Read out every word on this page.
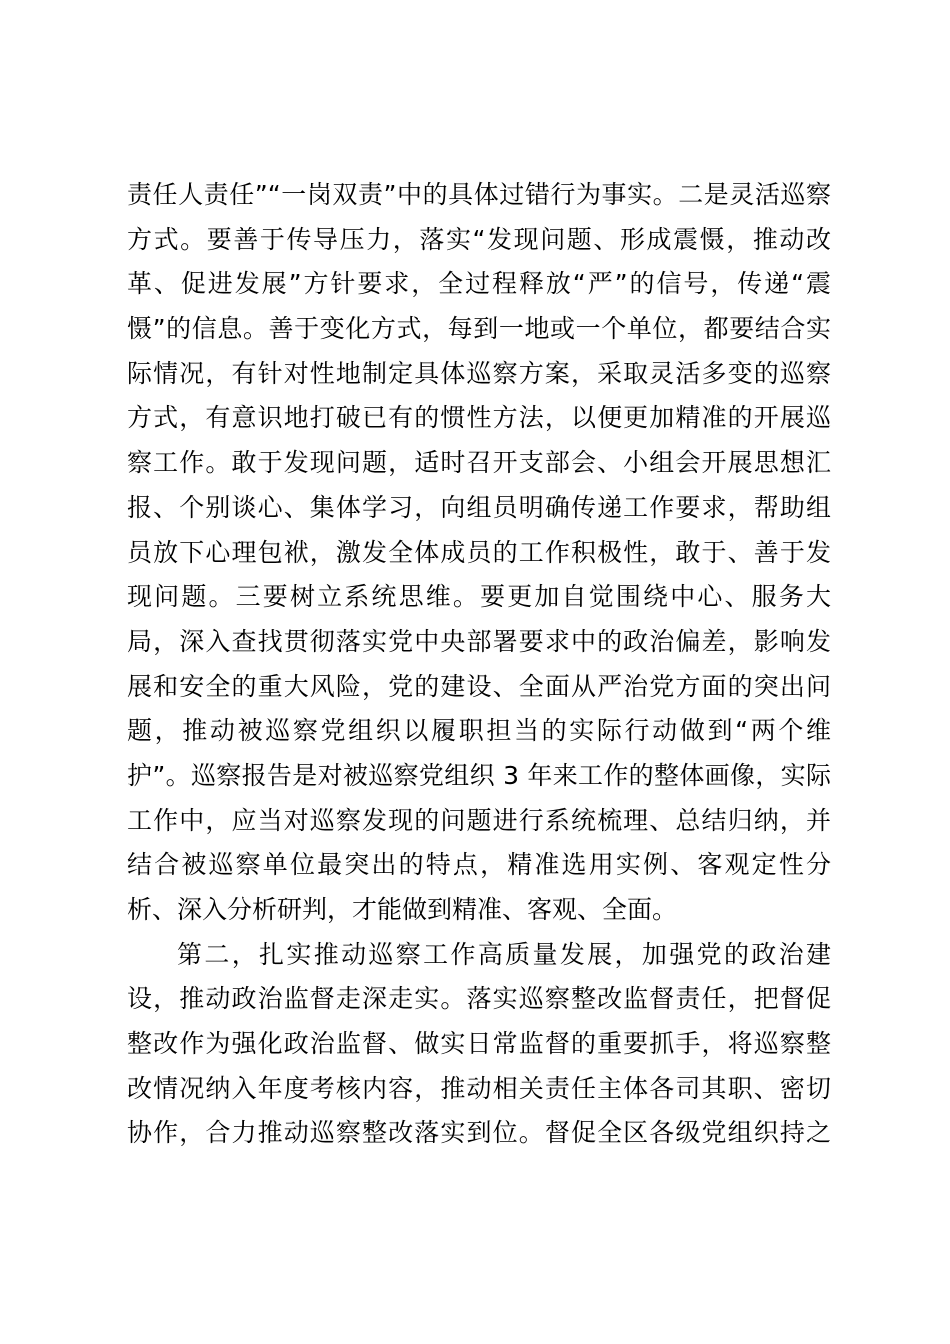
责任人责任”“一岗双责”中的具体过错行为事实。二是灵活巡察
方式。要善于传导压力，落实“发现问题、形成震慑，推动改
革、促进发展”方针要求，全过程释放“严”的信号，传递“震
慑”的信息。善于变化方式，每到一地或一个单位，都要结合实
际情况，有针对性地制定具体巡察方案，采取灵活多变的巡察
方式，有意识地打破已有的惯性方法，以便更加精准的开展巡
察工作。敢于发现问题，适时召开支部会、小组会开展思想汇
报、个别谈心、集体学习，向组员明确传递工作要求，帮助组
员放下心理包袱，激发全体成员的工作积极性，敢于、善于发
现问题。三要树立系统思维。要更加自觉围绕中心、服务大
局，深入查找贯彻落实党中央部署要求中的政治偏差，影响发
展和安全的重大风险，党的建设、全面从严治党方面的突出问
题，推动被巡察党组织以履职担当的实际行动做到“两个维
护”。巡察报告是对被巡察党组织 3 年来工作的整体画像，实际
工作中，应当对巡察发现的问题进行系统梳理、总结归纳，并
结合被巡察单位最突出的特点，精准选用实例、客观定性分
析、深入分析研判，才能做到精准、客观、全面。
第二，扎实推动巡察工作高质量发展，加强党的政治建
设，推动政治监督走深走实。落实巡察整改监督责任，把督促
整改作为强化政治监督、做实日常监督的重要抓手，将巡察整
改情况纳入年度考核内容，推动相关责任主体各司其职、密切
协作，合力推动巡察整改落实到位。督促全区各级党组织持之
